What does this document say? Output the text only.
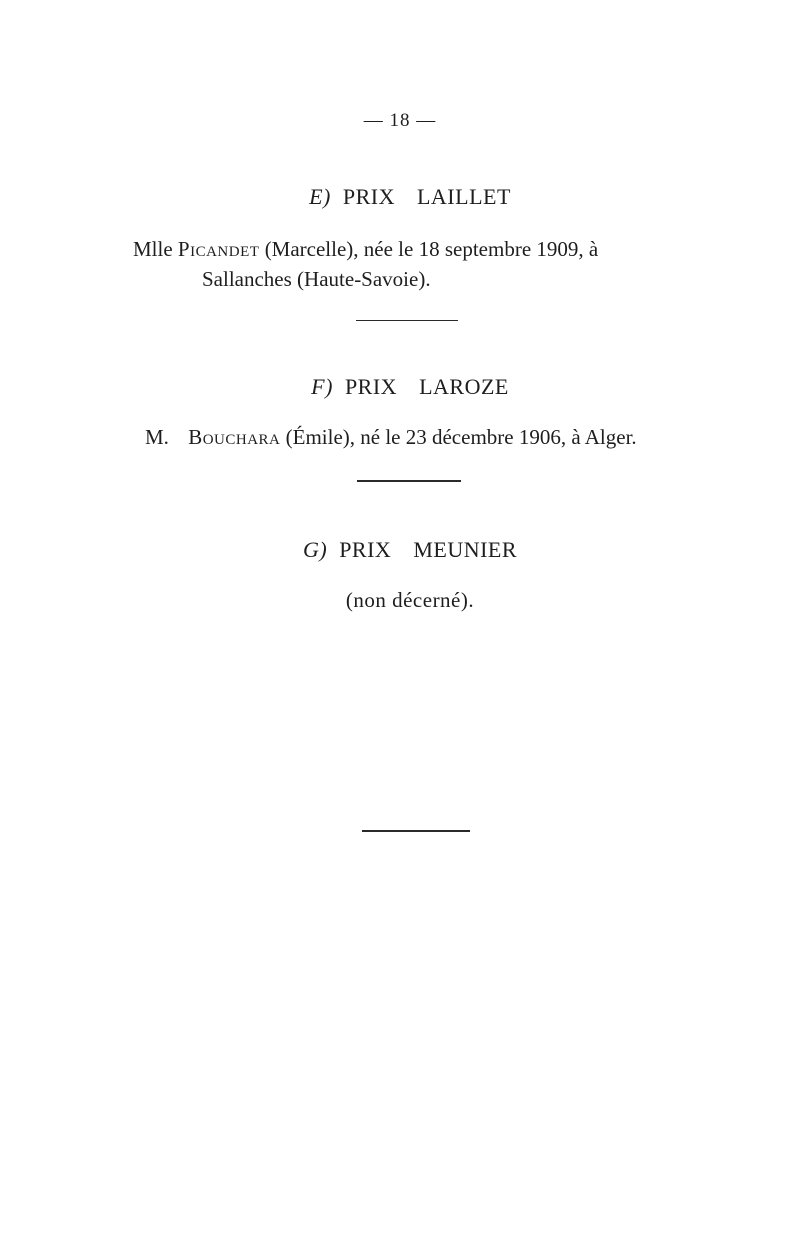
— 18 —
E) PRIX LAILLET
Mlle Picandet (Marcelle), née le 18 septembre 1909, à
Sallanches (Haute-Savoie).
F) PRIX LAROZE
M. Bouchara (Émile), né le 23 décembre 1906, à Alger.
G) PRIX MEUNIER
(non décerné).
